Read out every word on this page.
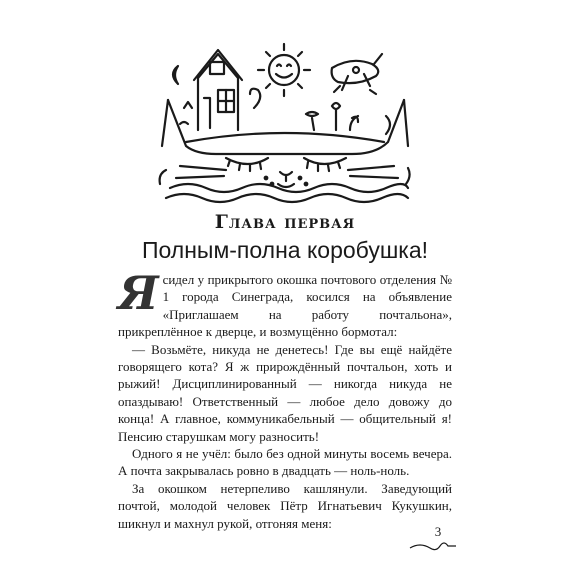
Глава первая
Полным-полна коробушка!

Я сидел у прикрытого окошка почтового отделения № 1 города Синеграда, косился на объявление «Приглашаем на работу почтальона», прикреплённое к дверце, и возмущённо бормотал:

— Возьмёте, никуда не денетесь! Где вы ещё найдёте говорящего кота? Я ж прирождённый почтальон, хоть и рыжий! Дисциплинированный — никогда никуда не опаздываю! Ответственный — любое дело довожу до конца! А главное, коммуникабельный — общительный я! Пенсию старушкам могу разносить!

Одного я не учёл: было без одной минуты восемь вечера. А почта закрывалась ровно в двадцать — ноль-ноль.

За окошком нетерпеливо кашлянули. Заведующий почтой, молодой человек Пётр Игнатьевич Кукушкин, шикнул и махнул рукой, отгоняя меня:

3
